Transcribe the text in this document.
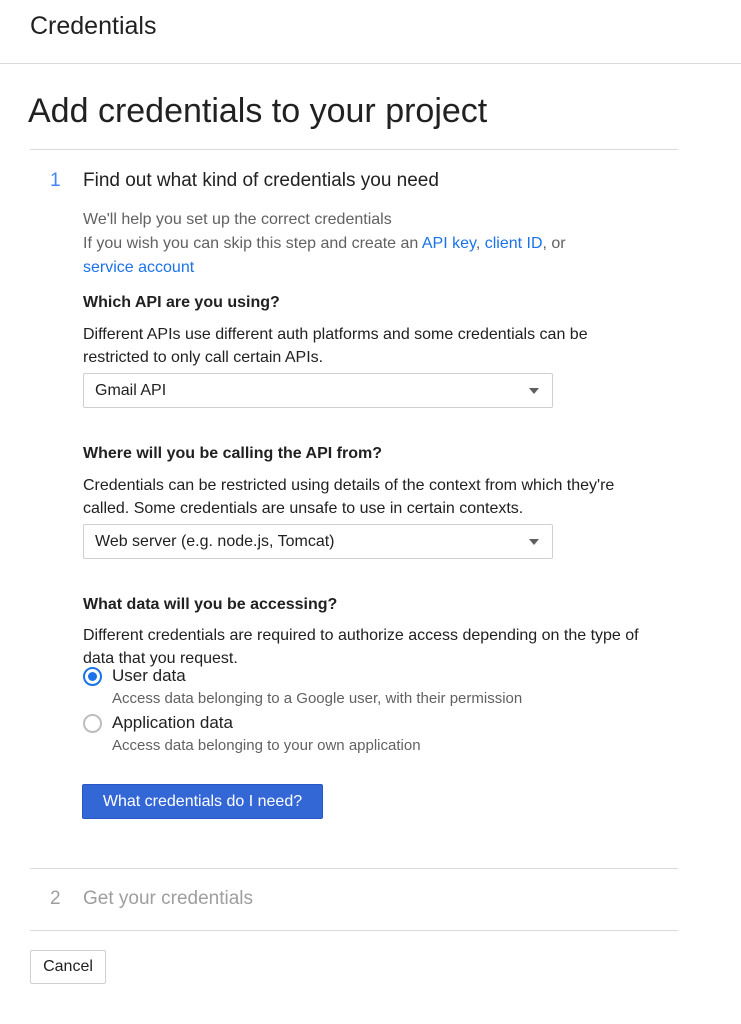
Credentials
Add credentials to your project
1 Find out what kind of credentials you need
We'll help you set up the correct credentials
If you wish you can skip this step and create an API key, client ID, or
service account
Which API are you using?
Different APIs use different auth platforms and some credentials can be restricted to only call certain APIs.
Gmail API
Where will you be calling the API from?
Credentials can be restricted using details of the context from which they're called. Some credentials are unsafe to use in certain contexts.
Web server (e.g. node.js, Tomcat)
What data will you be accessing?
Different credentials are required to authorize access depending on the type of data that you request.
User data
Access data belonging to a Google user, with their permission
Application data
Access data belonging to your own application
What credentials do I need?
2 Get your credentials
Cancel
